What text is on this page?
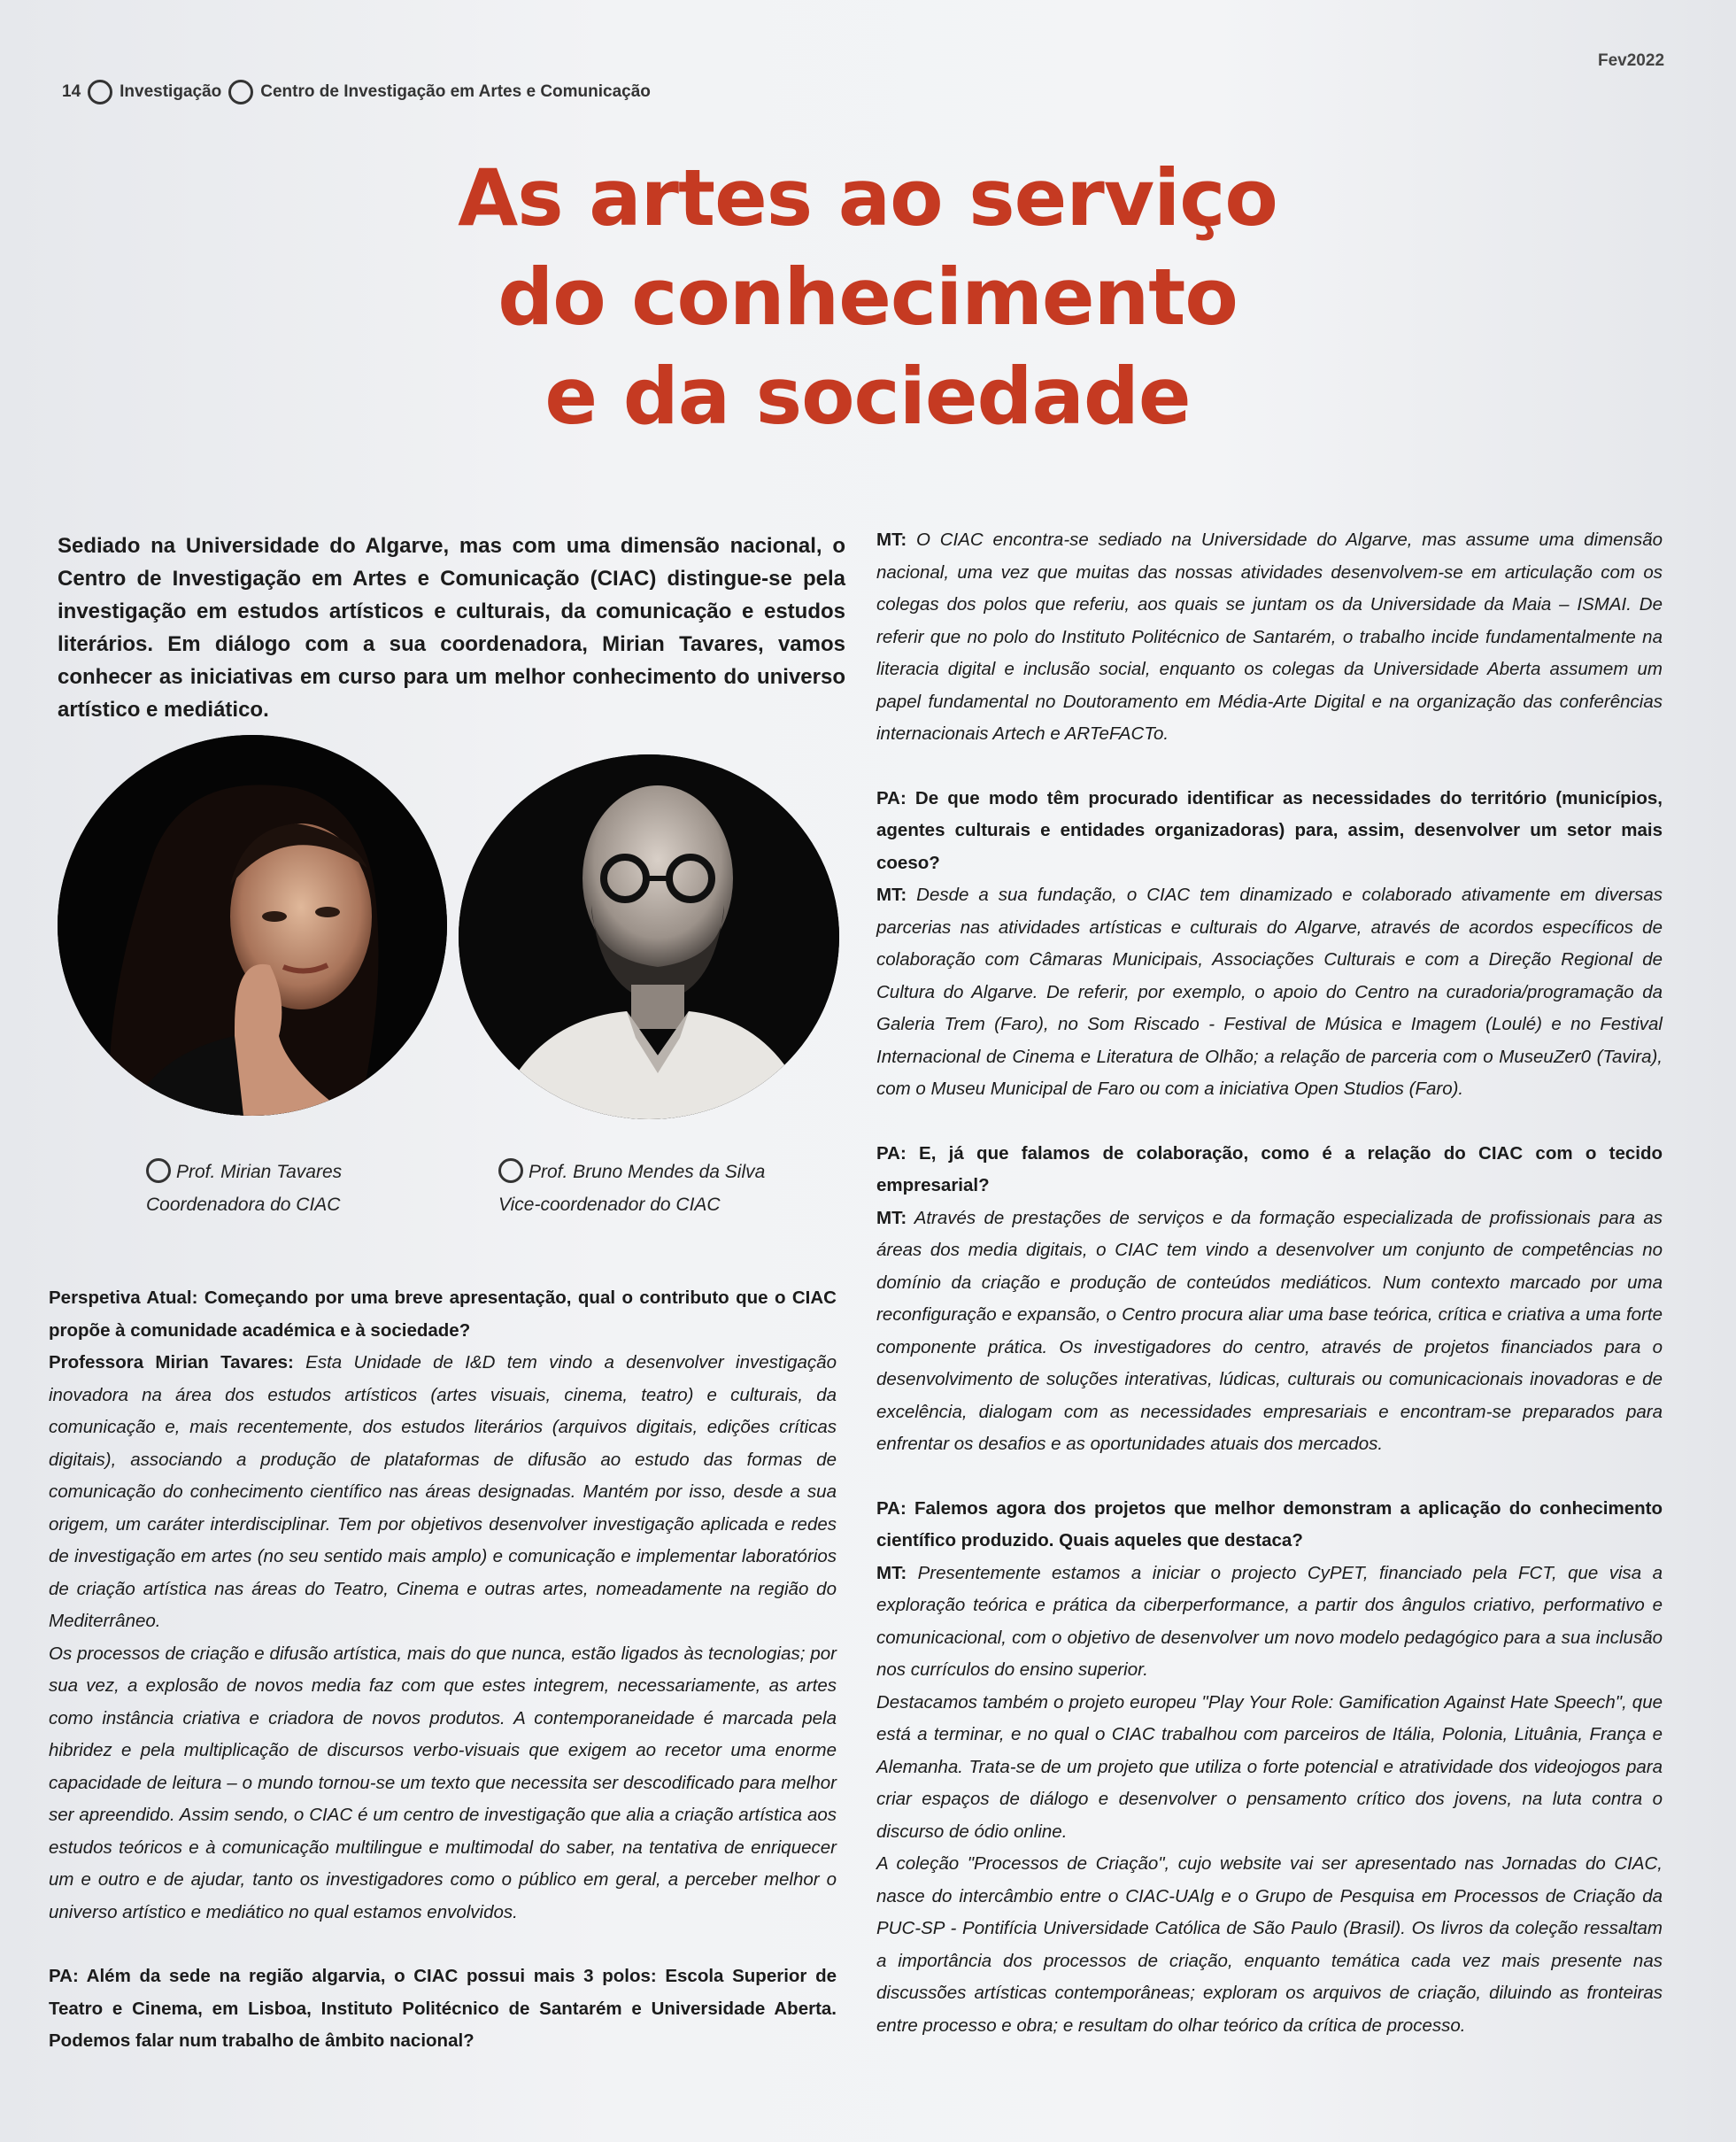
14 Investigação Centro de Investigação em Artes e Comunicação
Fev2022
As artes ao serviço
do conhecimento
e da sociedade
Sediado na Universidade do Algarve, mas com uma dimensão nacional, o Centro de Investigação em Artes e Comunicação (CIAC) distingue-se pela investigação em estudos artísticos e culturais, da comunicação e estudos literários. Em diálogo com a sua coordenadora, Mirian Tavares, vamos conhecer as iniciativas em curso para um melhor conhecimento do universo artístico e mediático.
Prof. Mirian Tavares
Coordenadora do CIAC
Prof. Bruno Mendes da Silva
Vice-coordenador do CIAC

Perspetiva Atual: Começando por uma breve apresentação, qual o contributo que o CIAC propõe à comunidade académica e à sociedade?

Professora Mirian Tavares: Esta Unidade de I&D tem vindo a desenvolver investigação inovadora na área dos estudos artísticos (artes visuais, cinema, teatro) e culturais, da comunicação e, mais recentemente, dos estudos literários (arquivos digitais, edições críticas digitais), associando a produção de plataformas de difusão ao estudo das formas de comunicação do conhecimento científico nas áreas designadas. Mantém por isso, desde a sua origem, um caráter interdisciplinar. Tem por objetivos desenvolver investigação aplicada e redes de investigação em artes (no seu sentido mais amplo) e comunicação e implementar laboratórios de criação artística nas áreas do Teatro, Cinema e outras artes, nomeadamente na região do Mediterrâneo.

Os processos de criação e difusão artística, mais do que nunca, estão ligados às tecnologias; por sua vez, a explosão de novos media faz com que estes integrem, necessariamente, as artes como instância criativa e criadora de novos produtos. A contemporaneidade é marcada pela hibridez e pela multiplicação de discursos verbo-visuais que exigem ao recetor uma enorme capacidade de leitura – o mundo tornou-se um texto que necessita ser descodificado para melhor ser apreendido. Assim sendo, o CIAC é um centro de investigação que alia a criação artística aos estudos teóricos e à comunicação multilingue e multimodal do saber, na tentativa de enriquecer um e outro e de ajudar, tanto os investigadores como o público em geral, a perceber melhor o universo artístico e mediático no qual estamos envolvidos.

PA: Além da sede na região algarvia, o CIAC possui mais 3 polos: Escola Superior de Teatro e Cinema, em Lisboa, Instituto Politécnico de Santarém e Universidade Aberta. Podemos falar num trabalho de âmbito nacional?

MT: O CIAC encontra-se sediado na Universidade do Algarve, mas assume uma dimensão nacional, uma vez que muitas das nossas atividades desenvolvem-se em articulação com os colegas dos polos que referiu, aos quais se juntam os da Universidade da Maia – ISMAI. De referir que no polo do Instituto Politécnico de Santarém, o trabalho incide fundamentalmente na literacia digital e inclusão social, enquanto os colegas da Universidade Aberta assumem um papel fundamental no Doutoramento em Média-Arte Digital e na organização das conferências internacionais Artech e ARTeFACTo.

PA: De que modo têm procurado identificar as necessidades do território (municípios, agentes culturais e entidades organizadoras) para, assim, desenvolver um setor mais coeso?

MT: Desde a sua fundação, o CIAC tem dinamizado e colaborado ativamente em diversas parcerias nas atividades artísticas e culturais do Algarve, através de acordos específicos de colaboração com Câmaras Municipais, Associações Culturais e com a Direção Regional de Cultura do Algarve. De referir, por exemplo, o apoio do Centro na curadoria/programação da Galeria Trem (Faro), no Som Riscado - Festival de Música e Imagem (Loulé) e no Festival Internacional de Cinema e Literatura de Olhão; a relação de parceria com o MuseuZer0 (Tavira), com o Museu Municipal de Faro ou com a iniciativa Open Studios (Faro).

PA: E, já que falamos de colaboração, como é a relação do CIAC com o tecido empresarial?

MT: Através de prestações de serviços e da formação especializada de profissionais para as áreas dos media digitais, o CIAC tem vindo a desenvolver um conjunto de competências no domínio da criação e produção de conteúdos mediáticos. Num contexto marcado por uma reconfiguração e expansão, o Centro procura aliar uma base teórica, crítica e criativa a uma forte componente prática. Os investigadores do centro, através de projetos financiados para o desenvolvimento de soluções interativas, lúdicas, culturais ou comunicacionais inovadoras e de excelência, dialogam com as necessidades empresariais e encontram-se preparados para enfrentar os desafios e as oportunidades atuais dos mercados.

PA: Falemos agora dos projetos que melhor demonstram a aplicação do conhecimento científico produzido. Quais aqueles que destaca?

MT: Presentemente estamos a iniciar o projecto CyPET, financiado pela FCT, que visa a exploração teórica e prática da ciberperformance, a partir dos ângulos criativo, performativo e comunicacional, com o objetivo de desenvolver um novo modelo pedagógico para a sua inclusão nos currículos do ensino superior.

Destacamos também o projeto europeu "Play Your Role: Gamification Against Hate Speech", que está a terminar, e no qual o CIAC trabalhou com parceiros de Itália, Polonia, Lituânia, França e Alemanha. Trata-se de um projeto que utiliza o forte potencial e atratividade dos videojogos para criar espaços de diálogo e desenvolver o pensamento crítico dos jovens, na luta contra o discurso de ódio online.

A coleção "Processos de Criação", cujo website vai ser apresentado nas Jornadas do CIAC, nasce do intercâmbio entre o CIAC-UAlg e o Grupo de Pesquisa em Processos de Criação da PUC-SP - Pontifícia Universidade Católica de São Paulo (Brasil). Os livros da coleção ressaltam a importância dos processos de criação, enquanto temática cada vez mais presente nas discussões artísticas contemporâneas; exploram os arquivos de criação, diluindo as fronteiras entre processo e obra; e resultam do olhar teórico da crítica de processo.
